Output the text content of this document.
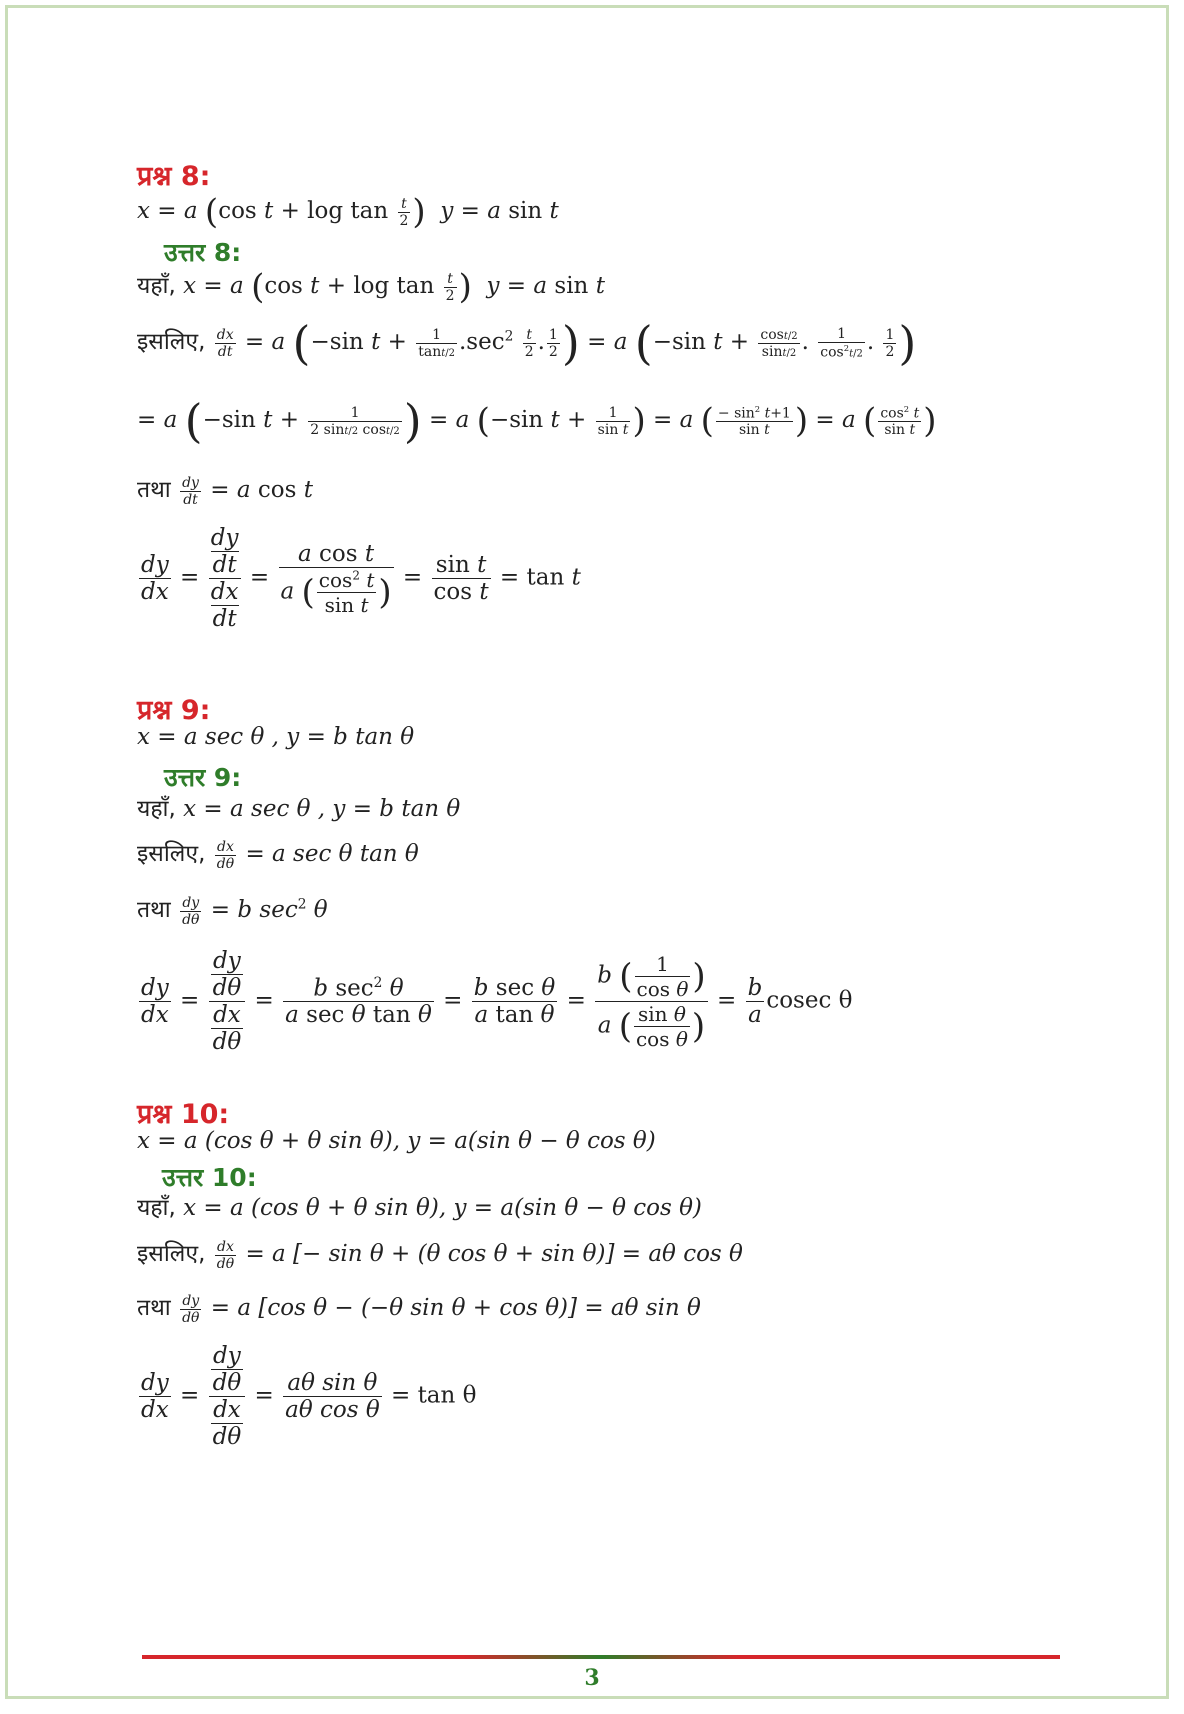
प्रश्न 8:
x = a (cos $t + \log \tan \frac{t}{2}$ ) y = a sin t
उत्तर 8:
यहाँ, x = a (cos $t + \log \tan \frac{t}{2}$ ) y = a sin t
इसलिए, $\frac{dx}{dt} = a$ (−sin $t + \frac{1}{\tan t/2} .\sec^2 \frac{t}{2}$ . $\frac{1}{2}$ ) = a (−sin $t + \frac{\cos t/2}{\sin t/2}$ . $\frac{1}{\cos^2t/2}$ . $\frac{1}{2}$ )
= a (−sin $t + \frac{1}{2 \sin t/2 \cos t/2}$ ) = a (−sin $t + \frac{1}{\text{sin t}}$ ) = a ( $\frac{- \sin^2 t+1}{\text{sin t}}$ ) = a ( $\frac{\cos^2 t}{\text{sin t}}$ )
तथा $\frac{dy}{dt} = a$ cos t
$\frac{dy}{dx} = \frac{\frac{dy}{dt}}{\frac{dx}{dt}} = \frac{\text{a cos t}}{a ( \frac{\cos^2 t}{\text{sin t}} )} = \frac{\text{sin t}}{\text{cos t}} = \tan t$
प्रश्न 9:
x = a sec θ , y = b tan θ
उत्तर 9:
यहाँ, x = a sec θ , y = b tan θ
इसलिए, $\frac{dx}{d\theta} = a$ sec θ tan θ
तथा $\frac{dy}{d\theta} = b$ $\sec^2 \theta$
$\frac{dy}{dx} = \frac{\frac{dy}{d\theta}}{\frac{dx}{d\theta}} = \frac{b \sec^2 \theta}{\text{a sec θ tan θ}} = \frac{\text{b sec θ}}{\text{a tan θ}} = \frac{b ( \frac{1}{\text{cos θ}} )}{a ( \frac{\text{sin θ}}{\text{cos θ}} )} = \frac{b}{a}$ cosec θ
प्रश्न 10:
x = a (cos θ + θ sin θ), y = a(sin θ − θ cos θ)
उत्तर 10:
यहाँ, x = a (cos θ + θ sin θ), y = a(sin θ − θ cos θ)
इसलिए, $\frac{dx}{d\theta} = a$ [− sin θ + (θ cos θ + sin θ)] = aθ cos θ
तथा $\frac{dy}{d\theta} = a$ [cos θ − (−θ sin θ + cos θ)] = aθ sin θ
$\frac{dy}{dx} = \frac{\frac{dy}{d\theta}}{\frac{dx}{d\theta}} = \frac{\text{aθ sin θ}}{\text{aθ cos θ}} = \tan \theta$
3
